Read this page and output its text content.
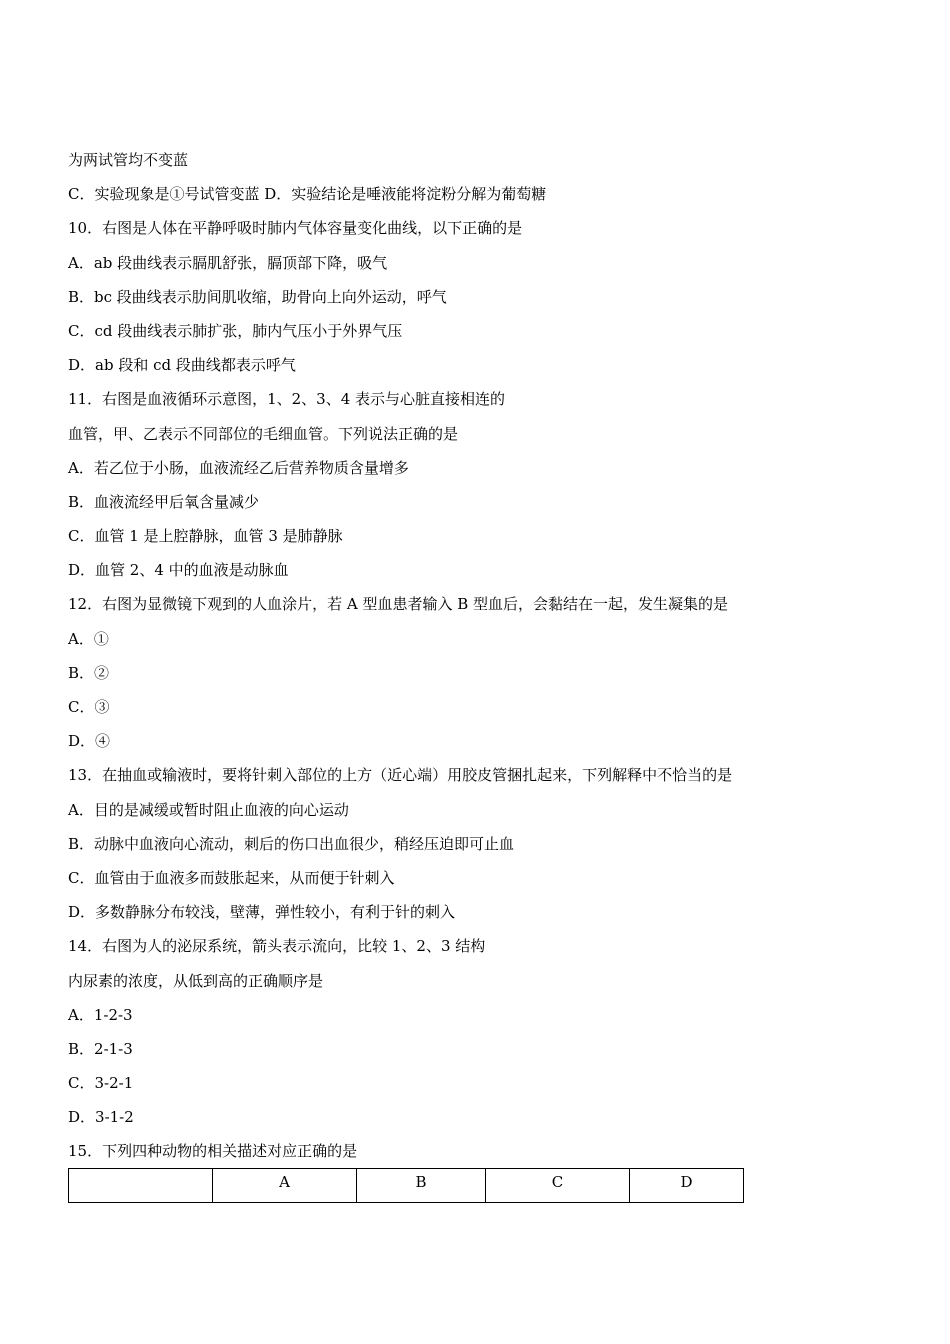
为两试管均不变蓝
C．实验现象是①号试管变蓝 D．实验结论是唾液能将淀粉分解为葡萄糖
10．右图是人体在平静呼吸时肺内气体容量变化曲线，以下正确的是
A．ab 段曲线表示膈肌舒张，膈顶部下降，吸气
B．bc 段曲线表示肋间肌收缩，助骨向上向外运动，呼气
C．cd 段曲线表示肺扩张，肺内气压小于外界气压
D．ab 段和 cd 段曲线都表示呼气
11．右图是血液循环示意图，1、2、3、4 表示与心脏直接相连的
血管，甲、乙表示不同部位的毛细血管。下列说法正确的是
A．若乙位于小肠，血液流经乙后营养物质含量增多
B．血液流经甲后氧含量减少
C．血管 1 是上腔静脉，血管 3 是肺静脉
D．血管 2、4 中的血液是动脉血
12．右图为显微镜下观到的人血涂片，若 A 型血患者输入 B 型血后，会黏结在一起，发生凝集的是
A．①
B．②
C．③
D．④
13．在抽血或输液时，要将针刺入部位的上方（近心端）用胶皮管捆扎起来，下列解释中不恰当的是
A．目的是减缓或暂时阻止血液的向心运动
B．动脉中血液向心流动，刺后的伤口出血很少，稍经压迫即可止血
C．血管由于血液多而鼓胀起来，从而便于针刺入
D．多数静脉分布较浅，壁薄，弹性较小，有利于针的刺入
14．右图为人的泌尿系统，箭头表示流向，比较 1、2、3 结构
内尿素的浓度，从低到高的正确顺序是
A．1-2-3
B．2-1-3
C．3-2-1
D．3-1-2
15．下列四种动物的相关描述对应正确的是
	A	B	C	D
